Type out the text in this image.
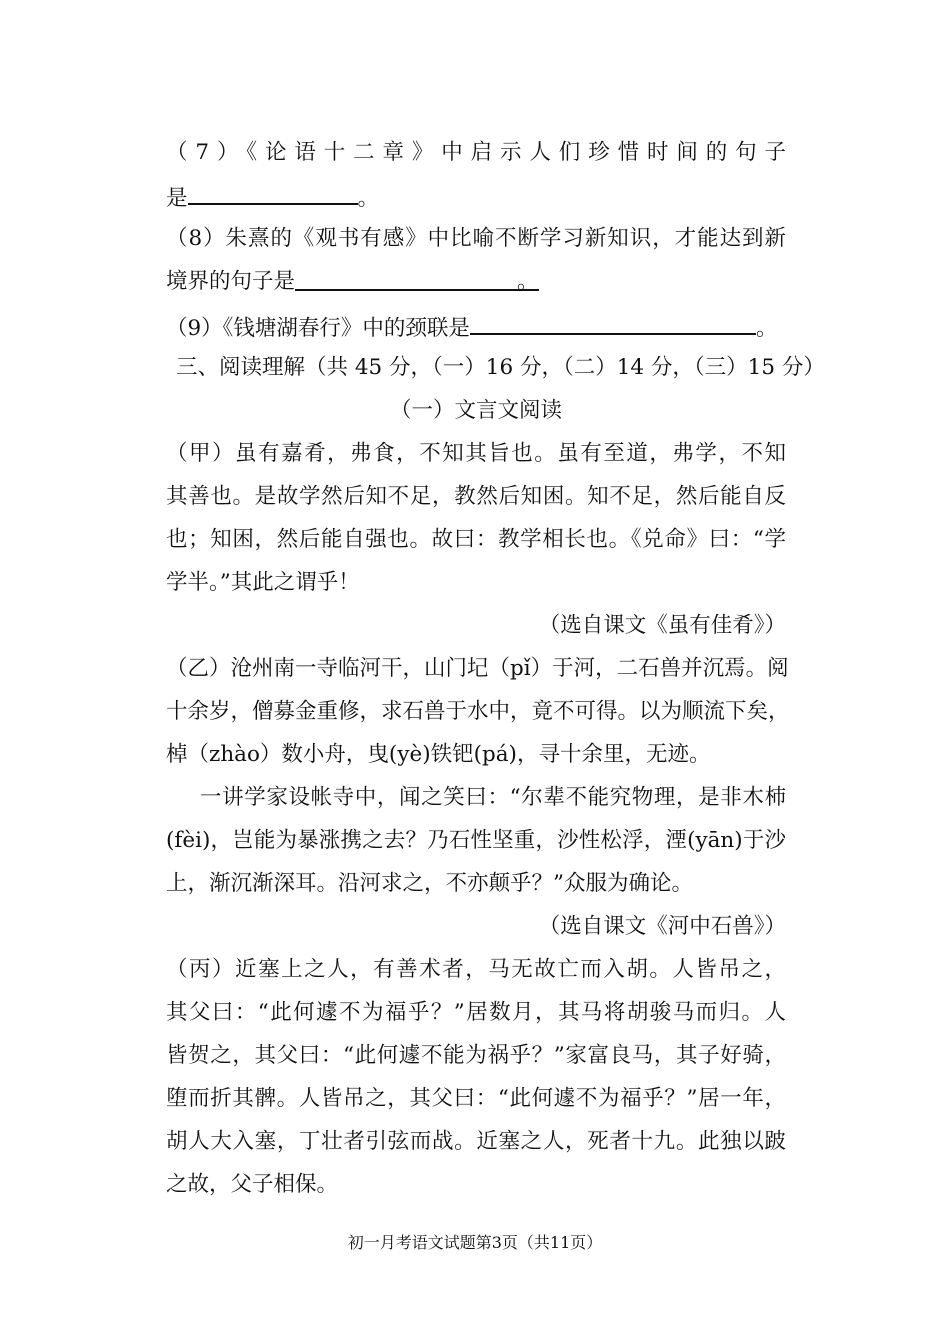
（7）《论语十二章》中启示人们珍惜时间的句子
是	。
（8）朱熹的《观书有感》中比喻不断学习新知识，才能达到新
境界的句子是	。
（9）《钱塘湖春行》中的颈联是	。
三、阅读理解（共 45 分，（一）16 分，（二）14 分，（三）15 分）
（一）文言文阅读
（甲）虽有嘉肴，弗食，不知其旨也。虽有至道，弗学，不知
其善也。是故学然后知不足，教然后知困。知不足，然后能自反
也；知困，然后能自强也。故曰：教学相长也。《兑命》曰：“学
学半。”其此之谓乎！
（选自课文《虽有佳肴》）
（乙）沧州南一寺临河干，山门圮（pǐ）于河，二石兽并沉焉。阅
十余岁，僧募金重修，求石兽于水中，竟不可得。以为顺流下矣，
棹（zhào）数小舟，曳(yè)铁钯(pá)，寻十余里，无迹。
一讲学家设帐寺中，闻之笑曰：“尔辈不能究物理，是非木杮
(fèi)，岂能为暴涨携之去？乃石性坚重，沙性松浮，湮(yān)于沙
上，渐沉渐深耳。沿河求之，不亦颠乎？”众服为确论。
（选自课文《河中石兽》）
（丙）近塞上之人，有善术者，马无故亡而入胡。人皆吊之，
其父曰：“此何遽不为福乎？”居数月，其马将胡骏马而归。人
皆贺之，其父曰：“此何遽不能为祸乎？”家富良马，其子好骑，
堕而折其髀。人皆吊之，其父曰：“此何遽不为福乎？”居一年，
胡人大入塞，丁壮者引弦而战。近塞之人，死者十九。此独以跛
之故，父子相保。
初一月考语文试题第3页（共11页）
